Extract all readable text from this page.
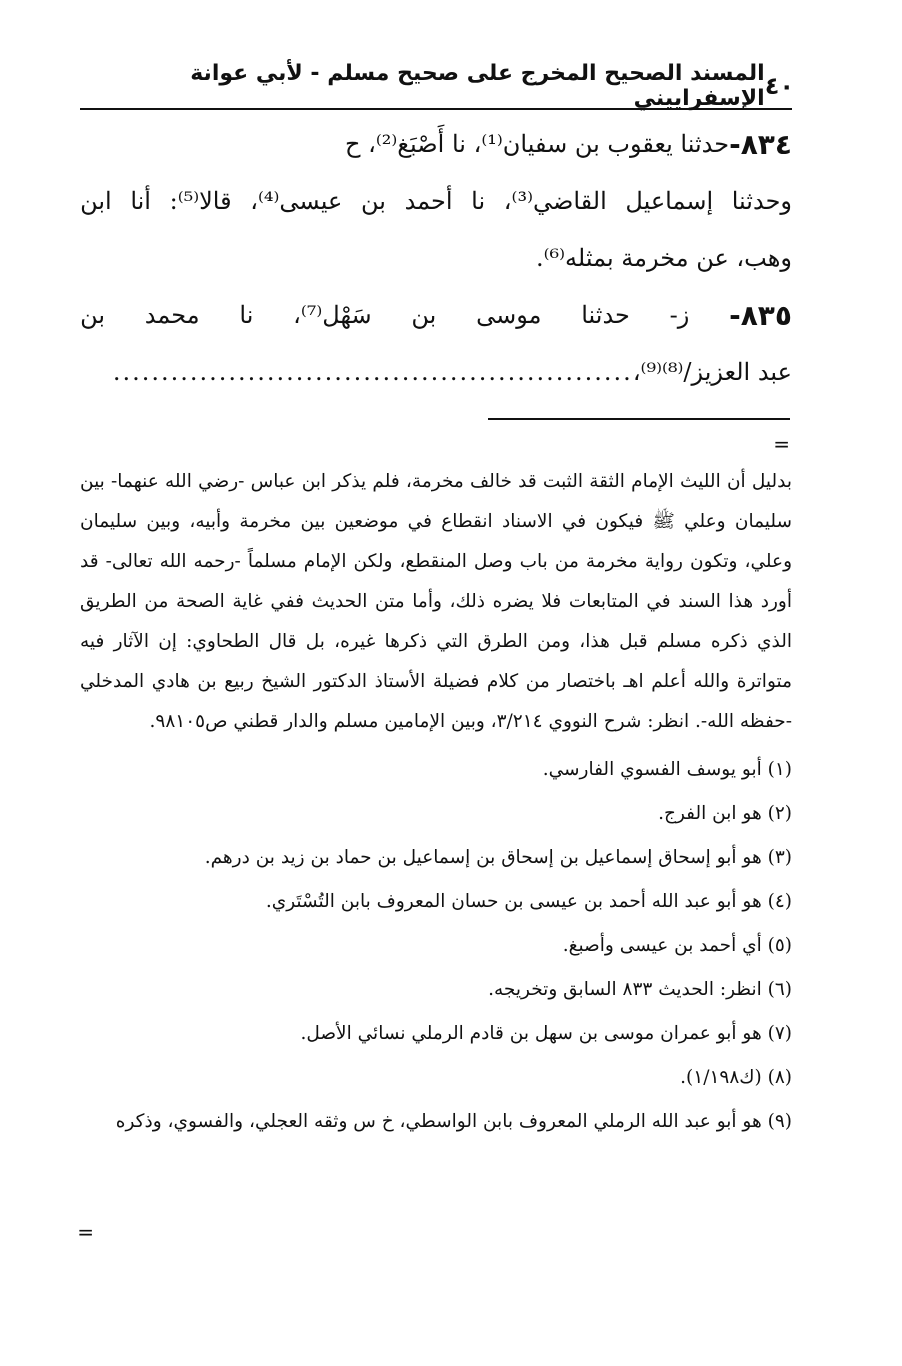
٤٠
المسند الصحيح المخرج على صحيح مسلم - لأبي عوانة الإسفراييني
٨٣٤-
حدثنا يعقوب بن سفيان⁽¹⁾، نا أَصْبَغ⁽²⁾، ح
وحدثنا
إسماعيل
القاضي⁽³⁾،
نا
أحمد
بن
عيسى⁽⁴⁾،
قالا⁽⁵⁾:
أنا
ابن
وهب، عن مخرمة بمثله⁽⁶⁾.
٨٣٥-
ز-
حدثنا
موسى
بن
سَهْل⁽⁷⁾،
نا
محمد
بن
عبد العزيز/⁽⁸⁾⁽⁹⁾،
......................................................
=

بدليل أن الليث الإمام الثقة الثبت قد خالف مخرمة، فلم يذكر ابن عباس -رضي الله عنهما- بين سليمان وعلي ﷺ فيكون في الاسناد انقطاع في موضعين بين مخرمة وأبيه، وبين سليمان وعلي، وتكون رواية مخرمة من باب وصل المنقطع، ولكن الإمام مسلماً -رحمه الله تعالى- قد أورد هذا السند في المتابعات فلا يضره ذلك، وأما متن الحديث ففي غاية الصحة من الطريق الذي ذكره مسلم قبل هذا، ومن الطرق التي ذكرها غيره، بل قال الطحاوي: إن الآثار فيه متواترة والله أعلم اهـ باختصار من كلام فضيلة الأستاذ الدكتور الشيخ ربيع بن هادي المدخلي -حفظه الله-. انظر: شرح النووي ٣/٢١٤، وبين الإمامين مسلم والدار قطني ص٩٨١٠٥.

(١) أبو يوسف الفسوي الفارسي.
(٢) هو ابن الفرج.
(٣) هو أبو إسحاق إسماعيل بن إسحاق بن إسماعيل بن حماد بن زيد بن درهم.
(٤) هو أبو عبد الله أحمد بن عيسى بن حسان المعروف بابن التُسْتَري.
(٥) أي أحمد بن عيسى وأصبغ.
(٦) انظر: الحديث ٨٣٣ السابق وتخريجه.
(٧) هو أبو عمران موسى بن سهل بن قادم الرملي نسائي الأصل.
(٨) (ك١/١٩٨).
(٩) هو أبو عبد الله الرملي المعروف بابن الواسطي، خ س وثقه العجلي، والفسوي، وذكره
=
